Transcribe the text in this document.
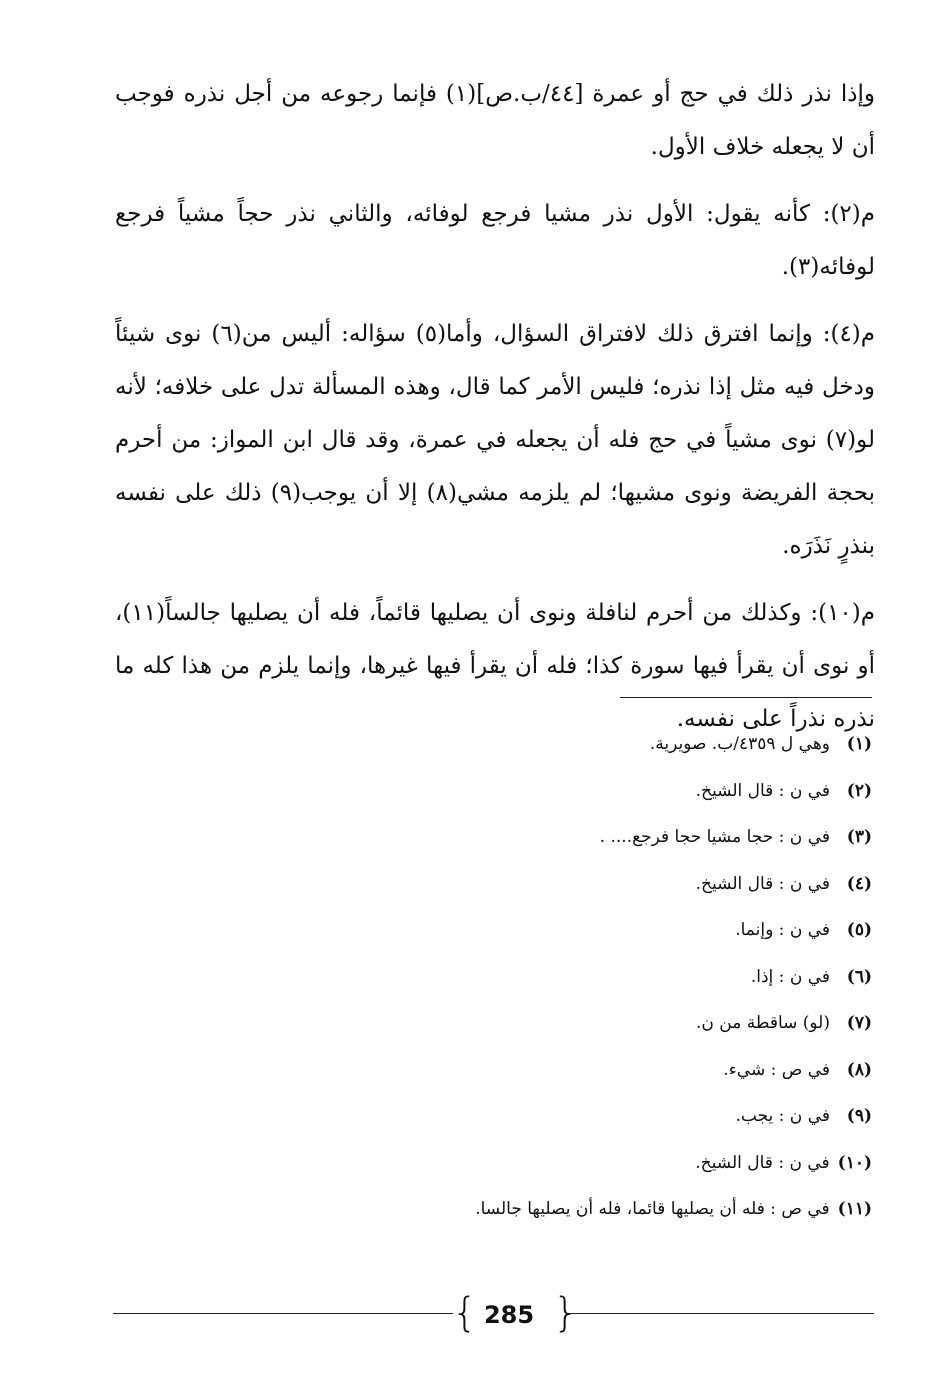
وإذا نذر ذلك في حج أو عمرة [٤٤/ب.ص](١) فإنما رجوعه من أجل نذره فوجب أن لا يجعله خلاف الأول.

م(٢): كأنه يقول: الأول نذر مشيا فرجع لوفائه، والثاني نذر حجاً مشياً فرجع لوفائه(٣).

م(٤): وإنما افترق ذلك لافتراق السؤال، وأما(٥) سؤاله: أليس من(٦) نوى شيئاً ودخل فيه مثل إذا نذره؛ فليس الأمر كما قال، وهذه المسألة تدل على خلافه؛ لأنه لو(٧) نوى مشياً في حج فله أن يجعله في عمرة، وقد قال ابن المواز: من أحرم بحجة الفريضة ونوى مشيها؛ لم يلزمه مشي(٨) إلا أن يوجب(٩) ذلك على نفسه بنذرٍ نَذَرَه.

م(١٠): وكذلك من أحرم لنافلة ونوى أن يصليها قائماً، فله أن يصليها جالساً(١١)، أو نوى أن يقرأ فيها سورة كذا؛ فله أن يقرأ فيها غيرها، وإنما يلزم من هذا كله ما نذره نذراً على نفسه.

(١)وهي ل ٤٣٥٩/ب. صويرية.
(٢)في ن : قال الشيخ.
(٣)في ن : حجا مشيا حجا فرجع.... .
(٤)في ن : قال الشيخ.
(٥)في ن : وإنما.
(٦)في ن : إذا.
(٧)(لو) ساقطة من ن.
(٨)في ص : شيء.
(٩)في ن : يجب.
(١٠)في ن : قال الشيخ.
(١١)في ص : فله أن يصليها قائما، فله أن يصليها جالسا.
{ 285 }
